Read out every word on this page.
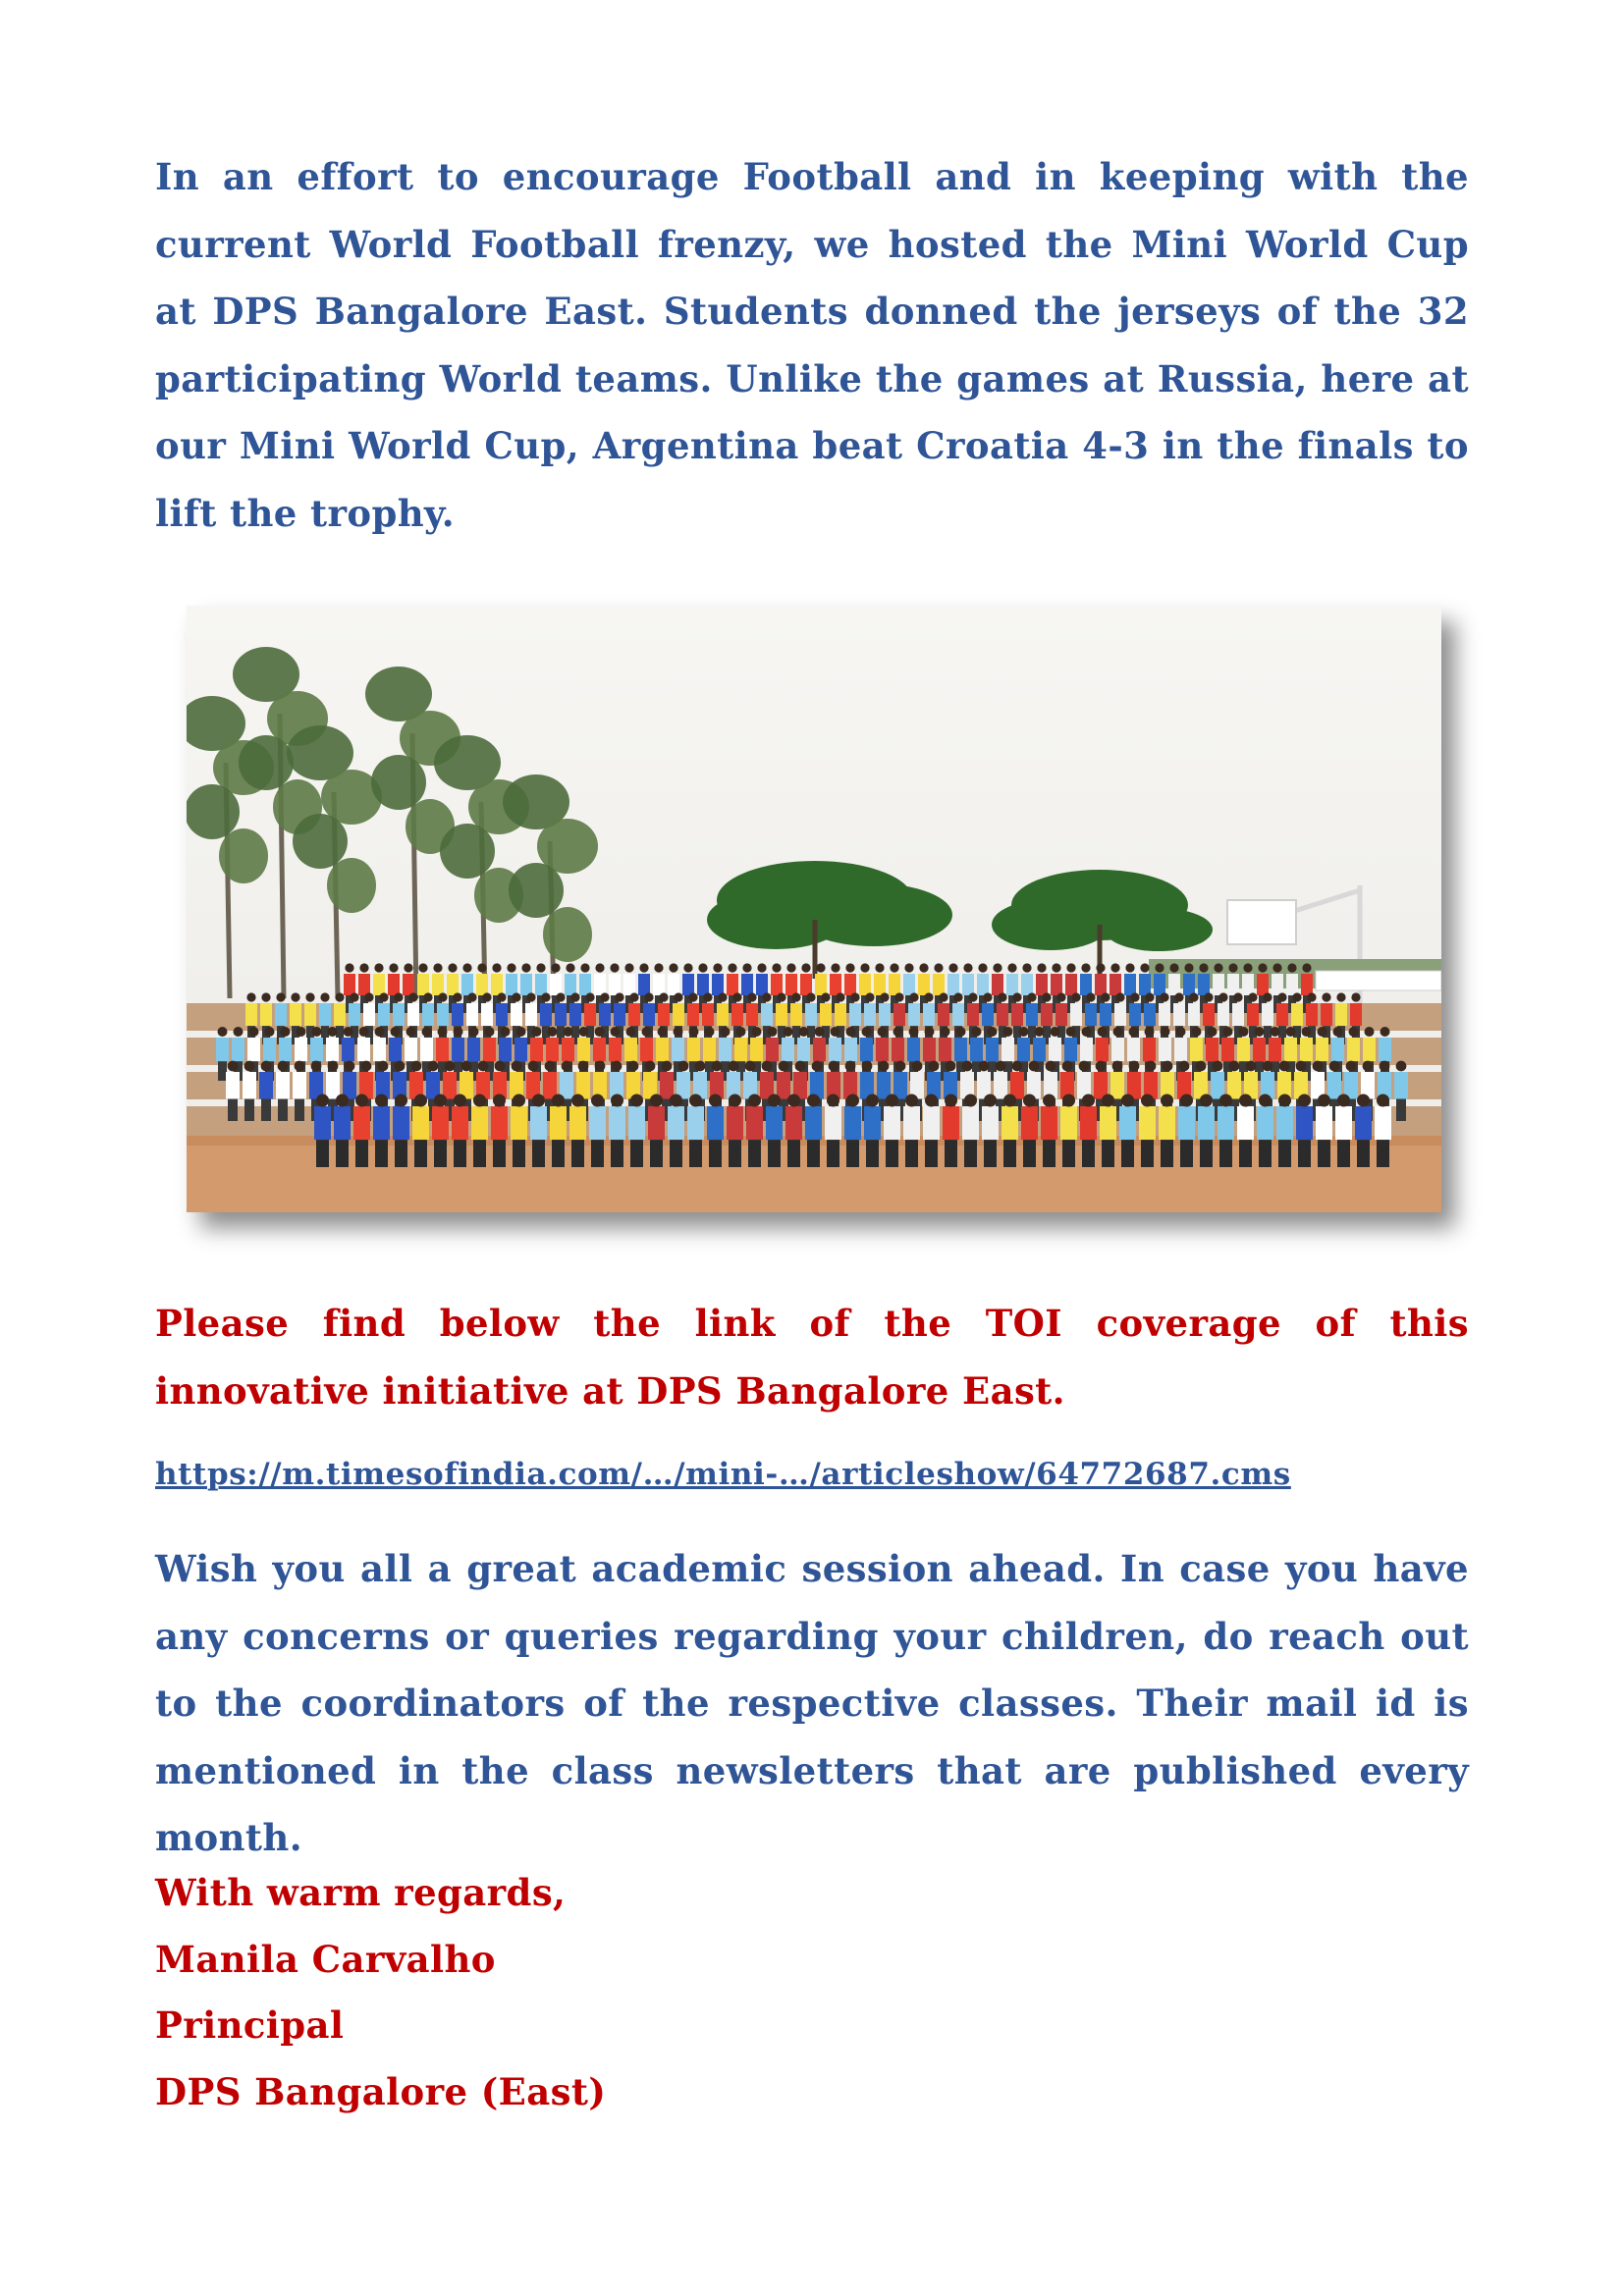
In an effort to encourage Football and in keeping with the current World Football frenzy, we hosted the Mini World Cup at DPS Bangalore East. Students donned the jerseys of the 32 participating World teams. Unlike the games at Russia, here at our Mini World Cup, Argentina beat Croatia 4-3 in the finals to lift the trophy.

Please find below the link of the TOI coverage of this innovative initiative at DPS Bangalore East.

https://m.timesofindia.com/…/mini-…/articleshow/64772687.cms

Wish you all a great academic session ahead. In case you have any concerns or queries regarding your children, do reach out to the coordinators of the respective classes. Their mail id is mentioned in the class newsletters that are published every month.

With warm regards,
Manila Carvalho
Principal
DPS Bangalore (East)
